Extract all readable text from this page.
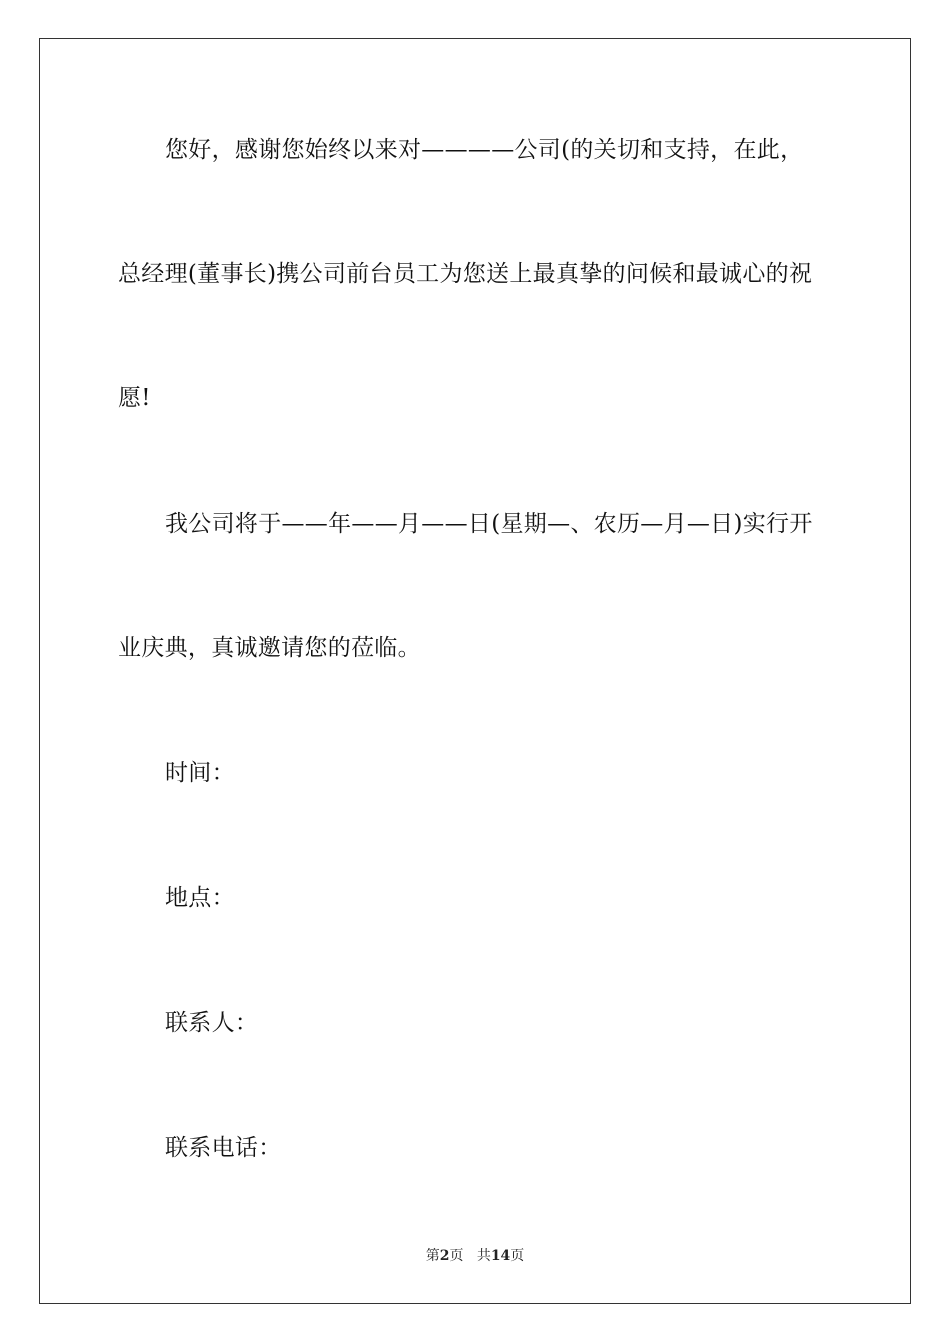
您好，感谢您始终以来对————公司(的关切和支持，在此，
总经理(董事长)携公司前台员工为您送上最真挚的问候和最诚心的祝
愿!
我公司将于——年——月——日(星期—、农历—月—日)实行开
业庆典，真诚邀请您的莅临。
时间：
地点：
联系人：
联系电话：
第2页 共14页
